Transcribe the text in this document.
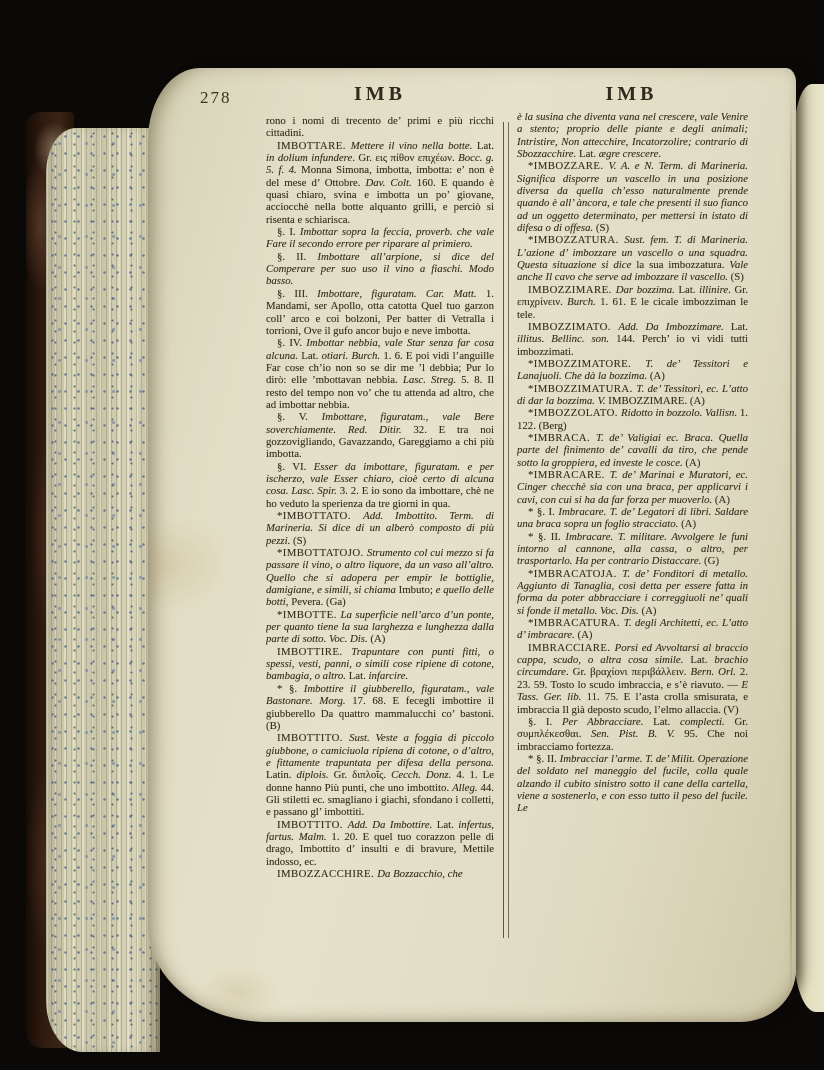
278	IMB	IMB

rono i nomi di trecento de’ primi e più ricchi cittadini.

IMBOTTARE. Mettere il vino nella botte. Lat. in dolium infundere. Gr. εις πίθον επιχέων. Bocc. g. 5. f. 4. Monna Simona, imbotta, imbotta: e’ non è del mese d’ Ottobre. Dav. Colt. 160. E quando è quasi chiaro, svina e imbotta un po’ giovane, acciocchè nella botte alquanto grilli, e perciò si risenta e schiarisca.

§. I. Imbottar sopra la feccia, proverb. che vale Fare il secondo errore per riparare al primiero.

§. II. Imbottare all’arpione, si dice del Comperare per suo uso il vino a fiaschi. Modo basso.

§. III. Imbottare, figuratam. Car. Matt. 1. Mandami, ser Apollo, otta catotta Quel tuo garzon coll’ arco e coi bolzoni, Per batter di Vetralla i torrioni, Ove il gufo ancor bujo e neve imbotta.

§. IV. Imbottar nebbia, vale Star senza far cosa alcuna. Lat. otiari. Burch. 1. 6. E poi vidi l’anguille Far cose ch’io non so se dir me ’l debbia; Pur lo dirò: elle ’mbottavan nebbia. Lasc. Streg. 5. 8. Il resto del tempo non vo’ che tu attenda ad altro, che ad imbottar nebbia.

§. V. Imbottare, figuratam., vale Bere soverchiamente. Red. Ditir. 32. E tra noi gozzovigliando, Gavazzando, Gareggiamo a chi più imbotta.

§. VI. Esser da imbottare, figuratam. e per ischerzo, vale Esser chiaro, cioè certo di alcuna cosa. Lasc. Spir. 3. 2. E io sono da imbottare, chè ne ho veduto la sperienza da tre giorni in qua.

*IMBOTTATO. Add. Imbottito. Term. di Marineria. Si dice di un alberò composto di più pezzi. (S)

*IMBOTTATOJO. Strumento col cui mezzo si fa passare il vino, o altro liquore, da un vaso all’altro. Quello che si adopera per empir le bottiglie, damigiane, e simili, si chiama Imbuto; e quello delle botti, Pevera. (Ga)

*IMBOTTE. La superficie nell’arco d’un ponte, per quanto tiene la sua larghezza e lunghezza dalla parte di sotto. Voc. Dis. (A)

IMBOTTIRE. Trapuntare con punti fitti, o spessi, vesti, panni, o simili cose ripiene di cotone, bambagia, o altro. Lat. infarcire.

* §. Imbottire il giubberello, figuratam., vale Bastonare. Morg. 17. 68. E fecegli imbottire il giubberello Da quattro mammalucchi co’ bastoni. (B)

IMBOTTITO. Sust. Veste a foggia di piccolo giubbone, o camiciuola ripiena di cotone, o d’altro, e fittamente trapuntata per difesa della persona. Latin. diplois. Gr. διπλοΐς. Cecch. Donz. 4. 1. Le donne hanno Più punti, che uno imbottito. Alleg. 44. Gli stiletti ec. smagliano i giachi, sfondano i colletti, e passano gl’ imbottiti.

IMBOTTITO. Add. Da Imbottire. Lat. infertus, fartus. Malm. 1. 20. E quel tuo corazzon pelle di drago, Imbottito d’ insulti e di bravure, Mettile indosso, ec.

IMBOZZACCHIRE. Da Bozzacchio, che

è la susina che diventa vana nel crescere, vale Venire a stento; proprio delle piante e degli animali; Intristire, Non attecchire, Incatorzolire; contrario di Sbozzacchire. Lat. ægre crescere.

*IMBOZZARE. V. A. e N. Term. di Marineria. Significa disporre un vascello in una posizione diversa da quella ch’esso naturalmente prende quando è all’ àncora, e tale che presenti il suo fianco ad un oggetto determinato, per mettersi in istato di difesa o di offesa. (S)

*IMBOZZATURA. Sust. fem. T. di Marineria. L’azione d’ imbozzare un vascello o una squadra. Questa situazione si dice la sua imbozzatura. Vale anche Il cavo che serve ad imbozzare il vascello. (S)

IMBOZZIMARE. Dar bozzima. Lat. illinire. Gr. επιχρίνειν. Burch. 1. 61. E le cicale imbozziman le tele.

IMBOZZIMATO. Add. Da Imbozzimare. Lat. illitus. Bellinc. son. 144. Perch’ io vi vidi tutti imbozzimati.

*IMBOZZIMATORE. T. de’ Tessitori e Lanajuoli. Che dà la bozzima. (A)

*IMBOZZIMATURA. T. de’ Tessitori, ec. L’atto di dar la bozzima. V. IMBOZZIMARE. (A)

*IMBOZZOLATO. Ridotto in bozzolo. Vallisn. 1. 122. (Berg)

*IMBRACA. T. de’ Valigiai ec. Braca. Quella parte del finimento de’ cavalli da tiro, che pende sotto la groppiera, ed investe le cosce. (A)

*IMBRACARE. T. de’ Marinai e Muratori, ec. Cinger checchè sia con una braca, per applicarvi i cavi, con cui si ha da far forza per muoverlo. (A)

* §. I. Imbracare. T. de’ Legatori di libri. Saldare una braca sopra un foglio stracciato. (A)

* §. II. Imbracare. T. militare. Avvolgere le funi intorno al cannone, alla cassa, o altro, per trasportarlo. Ha per contrario Distaccare. (G)

*IMBRACATOJA. T. de’ Fonditori di metallo. Aggiunto di Tanaglia, così detta per essere fatta in forma da poter abbracciare i correggiuoli ne’ quali si fonde il metallo. Voc. Dis. (A)

*IMBRACATURA. T. degli Architetti, ec. L’atto d’ imbracare. (A)

IMBRACCIARE. Porsi ed Avvoltarsi al braccio cappa, scudo, o altra cosa simile. Lat. brachio circumdare. Gr. βραχίονι περιβάλλειν. Bern. Orl. 2. 23. 59. Tosto lo scudo imbraccia, e s’è riavuto. — E Tass. Ger. lib. 11. 75. E l’asta crolla smisurata, e imbraccia Il già deposto scudo, l’elmo allaccia. (V)

§. I. Per Abbracciare. Lat. complecti. Gr. συμπλέκεσθαι. Sen. Pist. B. V. 95. Che noi imbracciamo fortezza.

* §. II. Imbracciar l’arme. T. de’ Milit. Operazione del soldato nel maneggio del fucile, colla quale alzando il cubito sinistro sotto il cane della cartella, viene a sostenerlo, e con esso tutto il peso del fucile. Le
